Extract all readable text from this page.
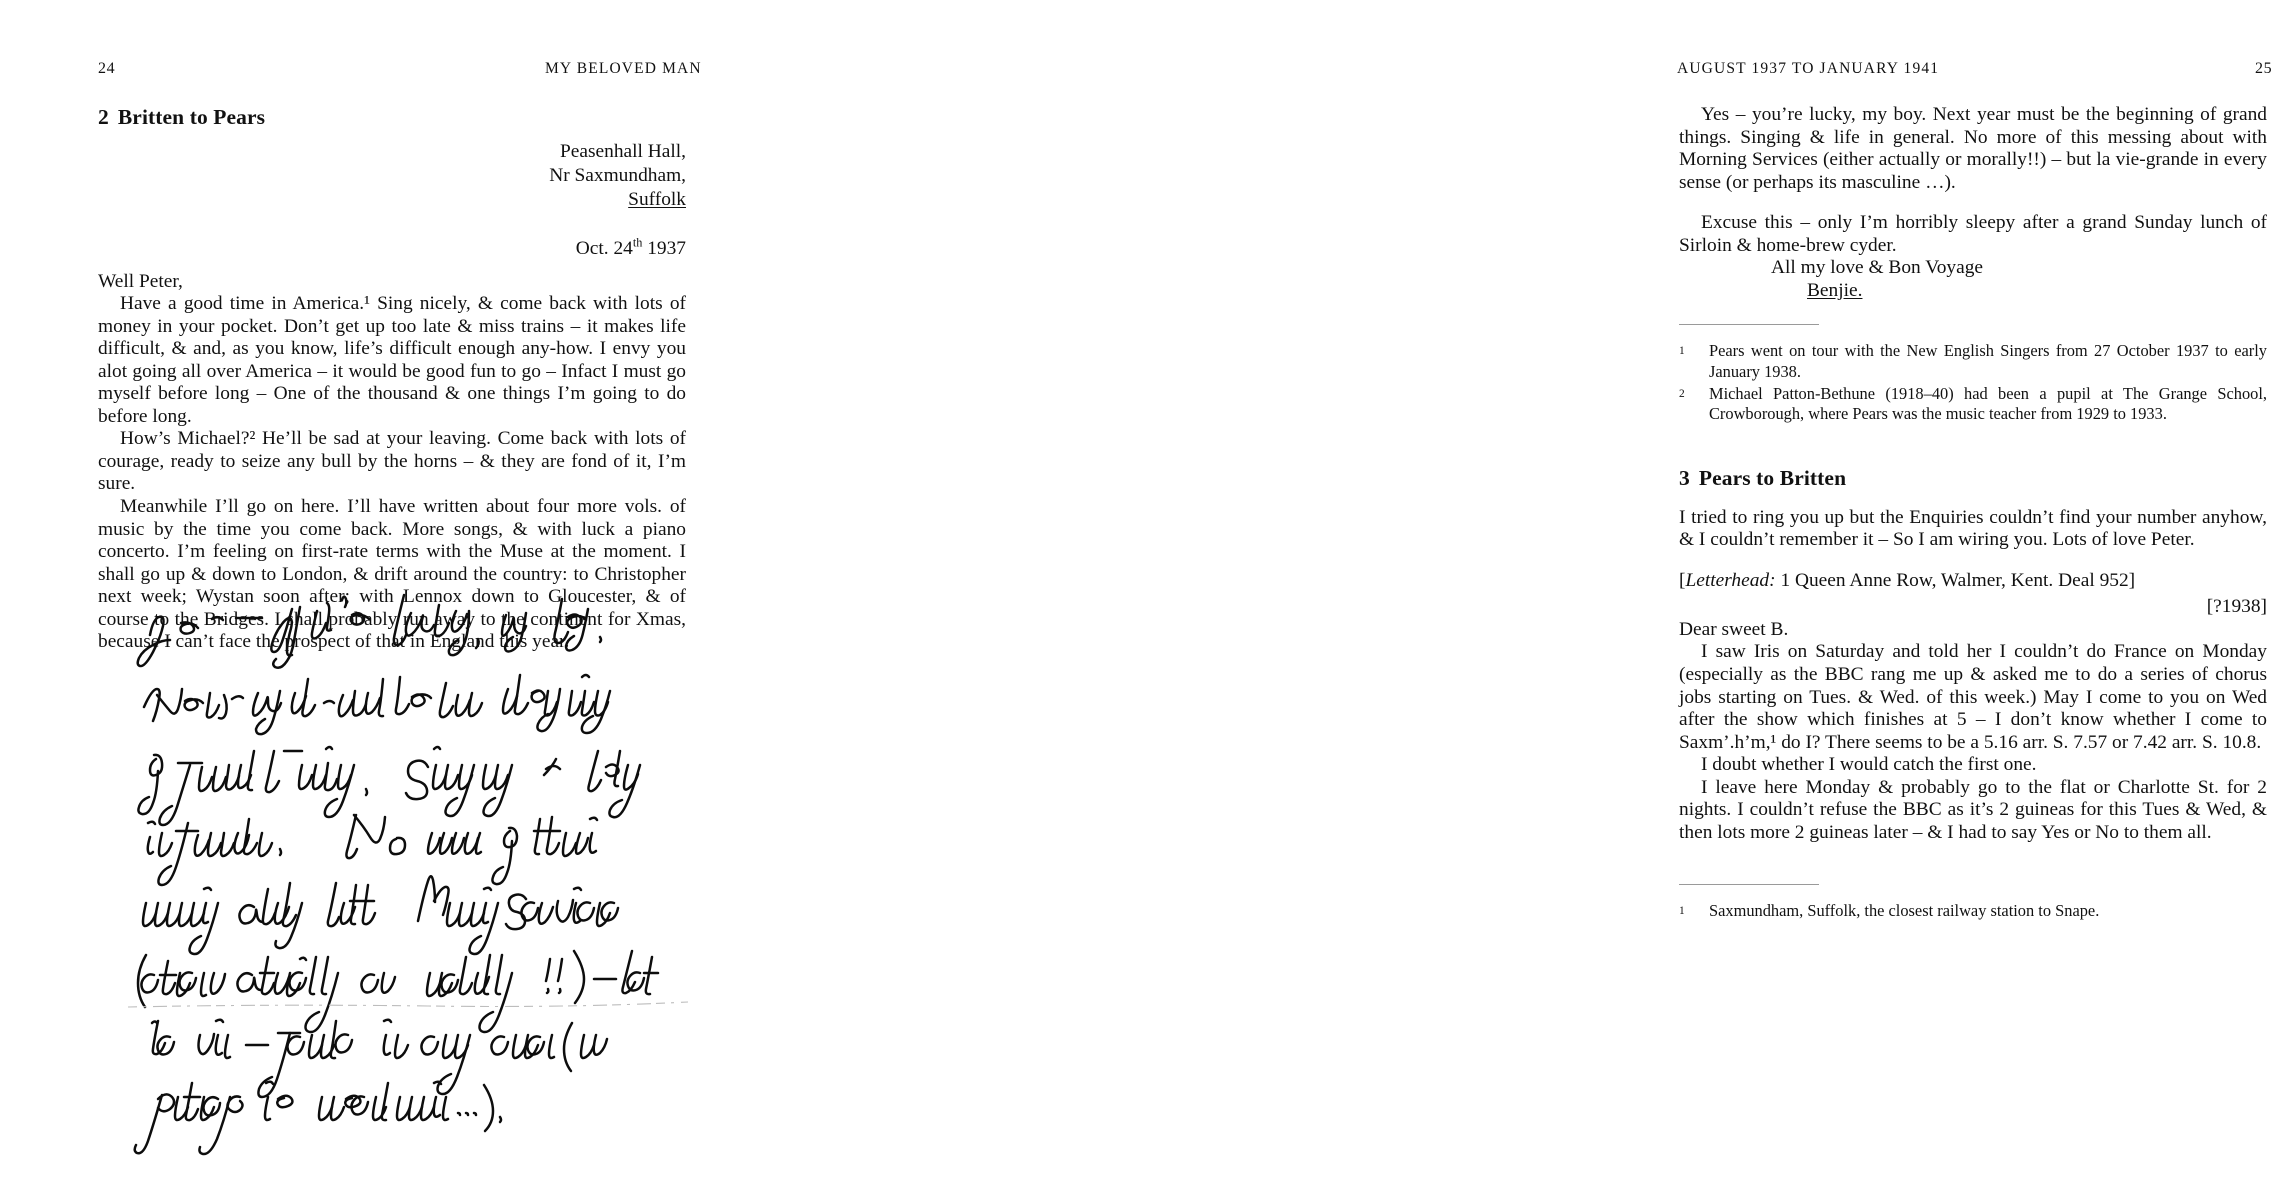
24	MY BELOVED MAN
2 Britten to Pears
Peasenhall Hall,
Nr Saxmundham,
Suffolk
Oct. 24th 1937

Well Peter,

Have a good time in America.¹ Sing nicely, & come back with lots of money in your pocket. Don’t get up too late & miss trains – it makes life difficult, & and, as you know, life’s difficult enough any-how. I envy you alot going all over America – it would be good fun to go – Infact I must go myself before long – One of the thousand & one things I’m going to do before long.

How’s Michael?² He’ll be sad at your leaving. Come back with lots of courage, ready to seize any bull by the horns – & they are fond of it, I’m sure.

Meanwhile I’ll go on here. I’ll have written about four more vols. of music by the time you come back. More songs, & with luck a piano concerto. I’m feeling on first-rate terms with the Muse at the moment. I shall go up & down to London, & drift around the country: to Christopher next week; Wystan soon after; with Lennox down to Gloucester, & of course to the Bridges. I shall probably run away to the continent for Xmas, because I can’t face the prospect of that in England this year.

AUGUST 1937 TO JANUARY 1941	25

Yes – you’re lucky, my boy. Next year must be the beginning of grand things. Singing & life in general. No more of this messing about with Morning Services (either actually or morally!!) – but la vie-grande in every sense (or perhaps its masculine …).

Excuse this – only I’m horribly sleepy after a grand Sunday lunch of Sirloin & home-brew cyder.

All my love & Bon Voyage

Benjie.

1 Pears went on tour with the New English Singers from 27 October 1937 to early January 1938.
2 Michael Patton-Bethune (1918–40) had been a pupil at The Grange School, Crowborough, where Pears was the music teacher from 1929 to 1933.
3 Pears to Britten

I tried to ring you up but the Enquiries couldn’t find your number anyhow, & I couldn’t remember it – So I am wiring you. Lots of love Peter.

[Letterhead: 1 Queen Anne Row, Walmer, Kent. Deal 952]

[?1938]

Dear sweet B.

I saw Iris on Saturday and told her I couldn’t do France on Monday (especially as the BBC rang me up & asked me to do a series of chorus jobs starting on Tues. & Wed. of this week.) May I come to you on Wed after the show which finishes at 5 – I don’t know whether I come to Saxm’.h’m,¹ do I? There seems to be a 5.16 arr. S. 7.57 or 7.42 arr. S. 10.8.

I doubt whether I would catch the first one.

I leave here Monday & probably go to the flat or Charlotte St. for 2 nights. I couldn’t refuse the BBC as it’s 2 guineas for this Tues & Wed, & then lots more 2 guineas later – & I had to say Yes or No to them all.

1 Saxmundham, Suffolk, the closest railway station to Snape.
